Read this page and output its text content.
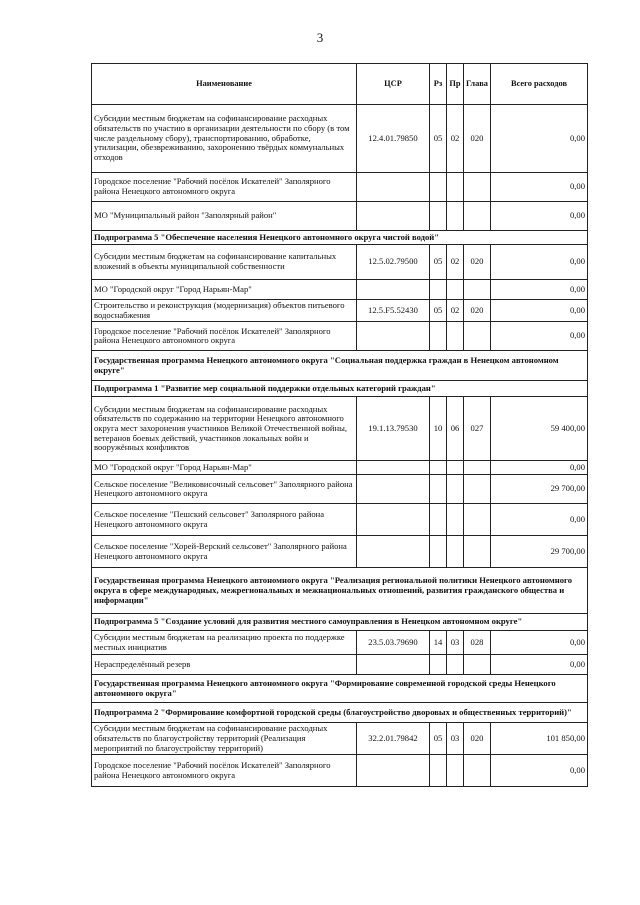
3
Наименование	ЦСР	Рз	Пр	Глава	Всего расходов
Субсидии местным бюджетам на софинансирование расходных обязательств по участию в организации деятельности по сбору (в том числе раздельному сбору), транспортированию, обработке, утилизации, обезвреживанию, захоронению твёрдых коммунальных отходов	12.4.01.79850	05	02	020	0,00
Городское поселение "Рабочий посёлок Искателей" Заполярного района Ненецкого автономного округа					0,00
МО "Муниципальный район "Заполярный район"					0,00
Подпрограмма 5 "Обеспечение населения Ненецкого автономного округа чистой водой"					
Субсидии местным бюджетам на софинансирование капитальных вложений в объекты муниципальной собственности	12.5.02.79500	05	02	020	0,00
МО "Городской округ "Город Нарьян-Мар"					0,00
Строительство и реконструкция (модернизация) объектов питьевого водоснабжения	12.5.F5.52430	05	02	020	0,00
Городское поселение "Рабочий посёлок Искателей" Заполярного района Ненецкого автономного округа					0,00
Государственная программа Ненецкого автономного округа "Социальная поддержка граждан в Ненецком автономном округе"					
Подпрограмма 1 "Развитие мер социальной поддержки отдельных категорий граждан"					
Субсидии местным бюджетам на софинансирование расходных обязательств по содержанию на территории Ненецкого автономного округа мест захоронения участников Великой Отечественной войны, ветеранов боевых действий, участников локальных войн и вооружённых конфликтов	19.1.13.79530	10	06	027	59 400,00
МО "Городской округ "Город Нарьян-Мар"					0,00
Сельское поселение "Великовисочный сельсовет" Заполярного района Ненецкого автономного округа					29 700,00
Сельское поселение "Пешский сельсовет" Заполярного района Ненецкого автономного округа					0,00
Сельское поселение "Хорей-Верский сельсовет" Заполярного района Ненецкого автономного округа					29 700,00
Государственная программа Ненецкого автономного округа "Реализация региональной политики Ненецкого автономного округа в сфере международных, межрегиональных и межнациональных отношений, развития гражданского общества и информации"					
Подпрограмма 5 "Создание условий для развития местного самоуправления в Ненецком автономном округе"					
Субсидии местным бюджетам на реализацию проекта по поддержке местных инициатив	23.5.03.79690	14	03	028	0,00
Нераспределённый резерв					0,00
Государственная программа Ненецкого автономного округа "Формирование современной городской среды Ненецкого автономного округа"					
Подпрограмма 2 "Формирование комфортной городской среды (благоустройство дворовых и общественных территорий)"					
Субсидии местным бюджетам на софинансирование расходных обязательств по благоустройству территорий (Реализация мероприятий по благоустройству территорий)	32.2.01.79842	05	03	020	101 850,00
Городское поселение "Рабочий посёлок Искателей" Заполярного района Ненецкого автономного округа					0,00
